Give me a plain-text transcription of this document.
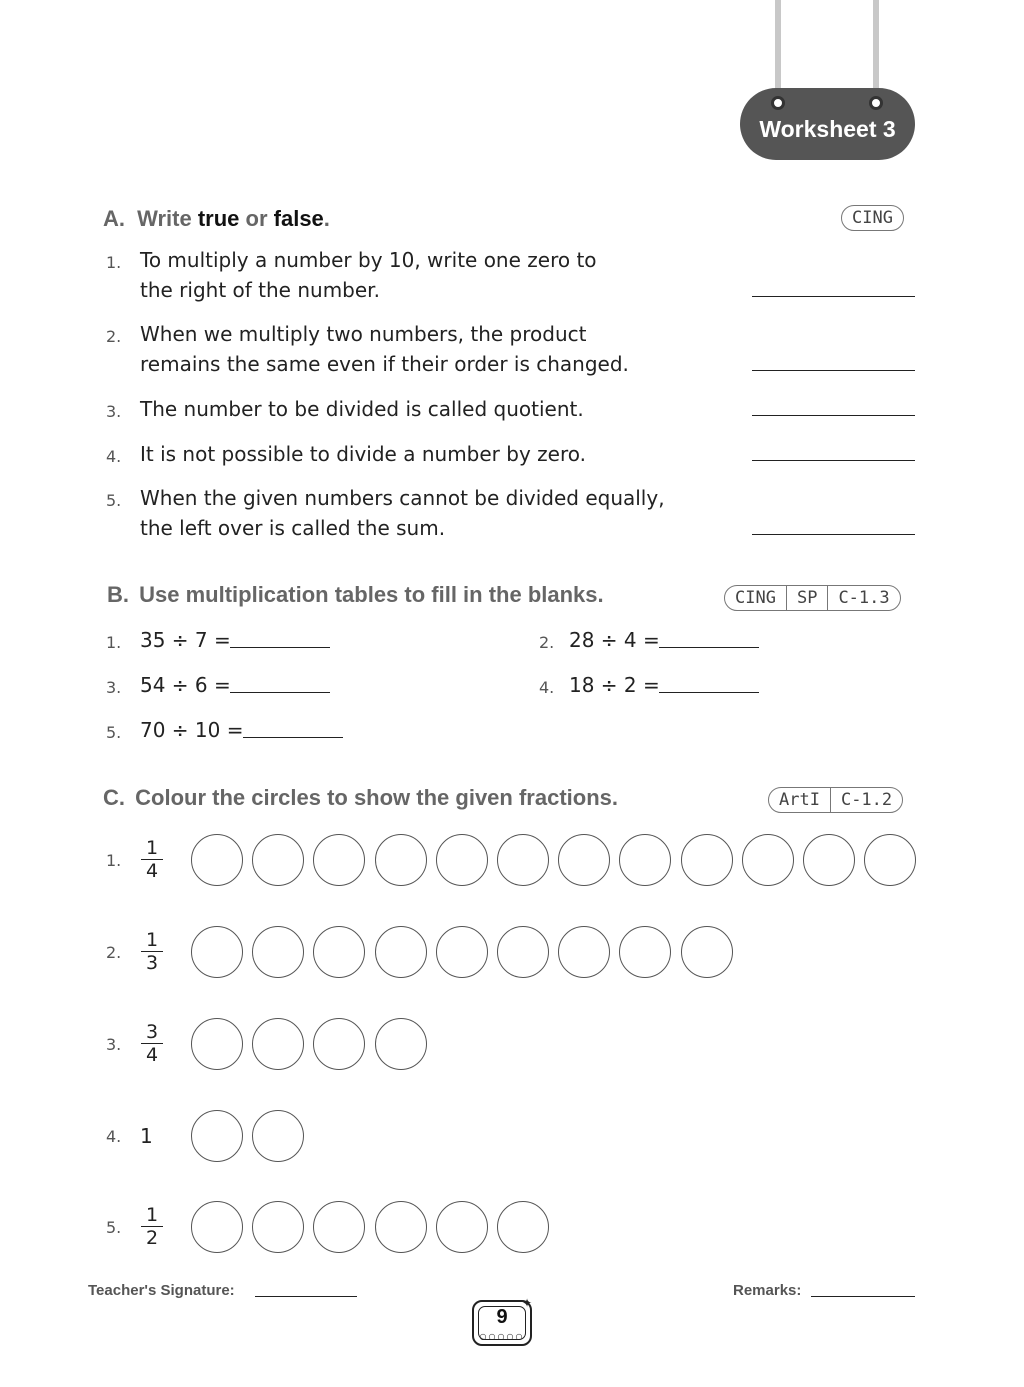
Worksheet 3
A. Write true or false.	CING
1. To multiply a number by 10, write one zero to
the right of the number.
2. When we multiply two numbers, the product
remains the same even if their order is changed.
3. The number to be divided is called quotient.
4. It is not possible to divide a number by zero.
5. When the given numbers cannot be divided equally,
the left over is called the sum.
B. Use multiplication tables to fill in the blanks.	CING	SP	C-1.3
1. 35 ÷ 7 =	2. 28 ÷ 4 =
3. 54 ÷ 6 =	4. 18 ÷ 2 =
5. 70 ÷ 10 =
C. Colour the circles to show the given fractions.	ArtI	C-1.2
1.
1
4
2.
1
3
3.
3
4
4. 1
5.
1
2
Teacher's Signature:	Remarks:
9
○○○○○
✦
